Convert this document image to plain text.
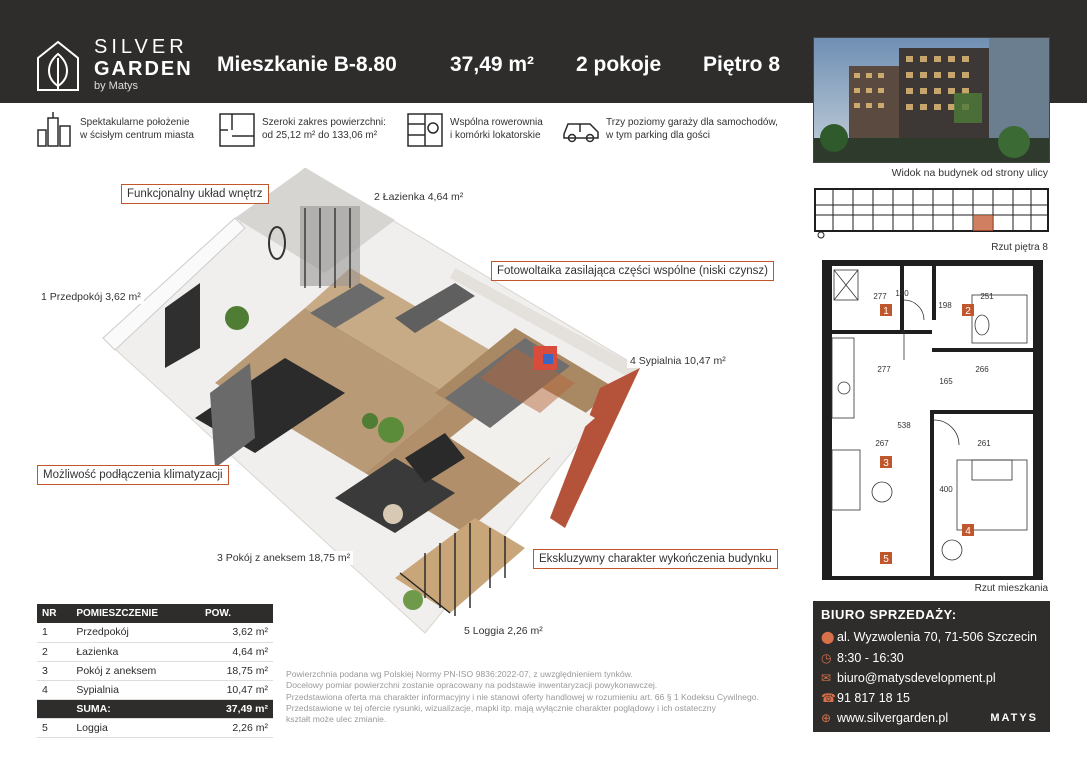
SILVER
GARDEN
by Matys
Mieszkanie B-8.80	37,49 m² 2 pokoje Piętro 8
Widok na budynek od strony ulicy
Spektakularne położenie
w ścisłym centrum miasta
Szeroki zakres powierzchni:
od 25,12 m² do 133,06 m²
Wspólna rowerownia
i komórki lokatorskie
Trzy poziomy garaży dla samochodów,
w tym parking dla gości
Funkcjonalny układ wnętrz
Fotowoltaika zasilająca części wspólne (niski czynsz)
Możliwość podłączenia klimatyzacji
Ekskluzywny charakter wykończenia budynku
2 Łazienka 4,64 m²
1 Przedpokój 3,62 m²
4 Sypialnia 10,47 m²
3 Pokój z aneksem 18,75 m²
5 Loggia 2,26 m²
Rzut piętra 8
1	2
3
4
5
277 140	251
198
277
165
266
538
267	261
400
Rzut mieszkania
NR	POMIESZCZENIE	POW.
1	Przedpokój	3,62 m²
2	Łazienka	4,64 m²
3	Pokój z aneksem	18,75 m²
4	Sypialnia	10,47 m²
	SUMA:	37,49 m²
5	Loggia	2,26 m²
Powierzchnia podana wg Polskiej Normy PN-ISO 9836:2022-07, z uwzględnieniem tynków.
Docelowy pomiar powierzchni zostanie opracowany na podstawie inwentaryzacji powykonawczej.
Przedstawiona oferta ma charakter informacyjny i nie stanowi oferty handlowej w rozumieniu art. 66 § 1 Kodeksu Cywilnego.
Przedstawione w tej ofercie rysunki, wizualizacje, mapki itp. mają wyłącznie charakter poglądowy i ich ostateczny
kształt może ulec zmianie.
BIURO SPRZEDAŻY:
⬤ al. Wyzwolenia 70, 71-506 Szczecin
◷ 8:30 - 16:30
✉ biuro@matysdevelopment.pl
☎91 817 18 15
⊕ www.silvergarden.pl	MATYS
